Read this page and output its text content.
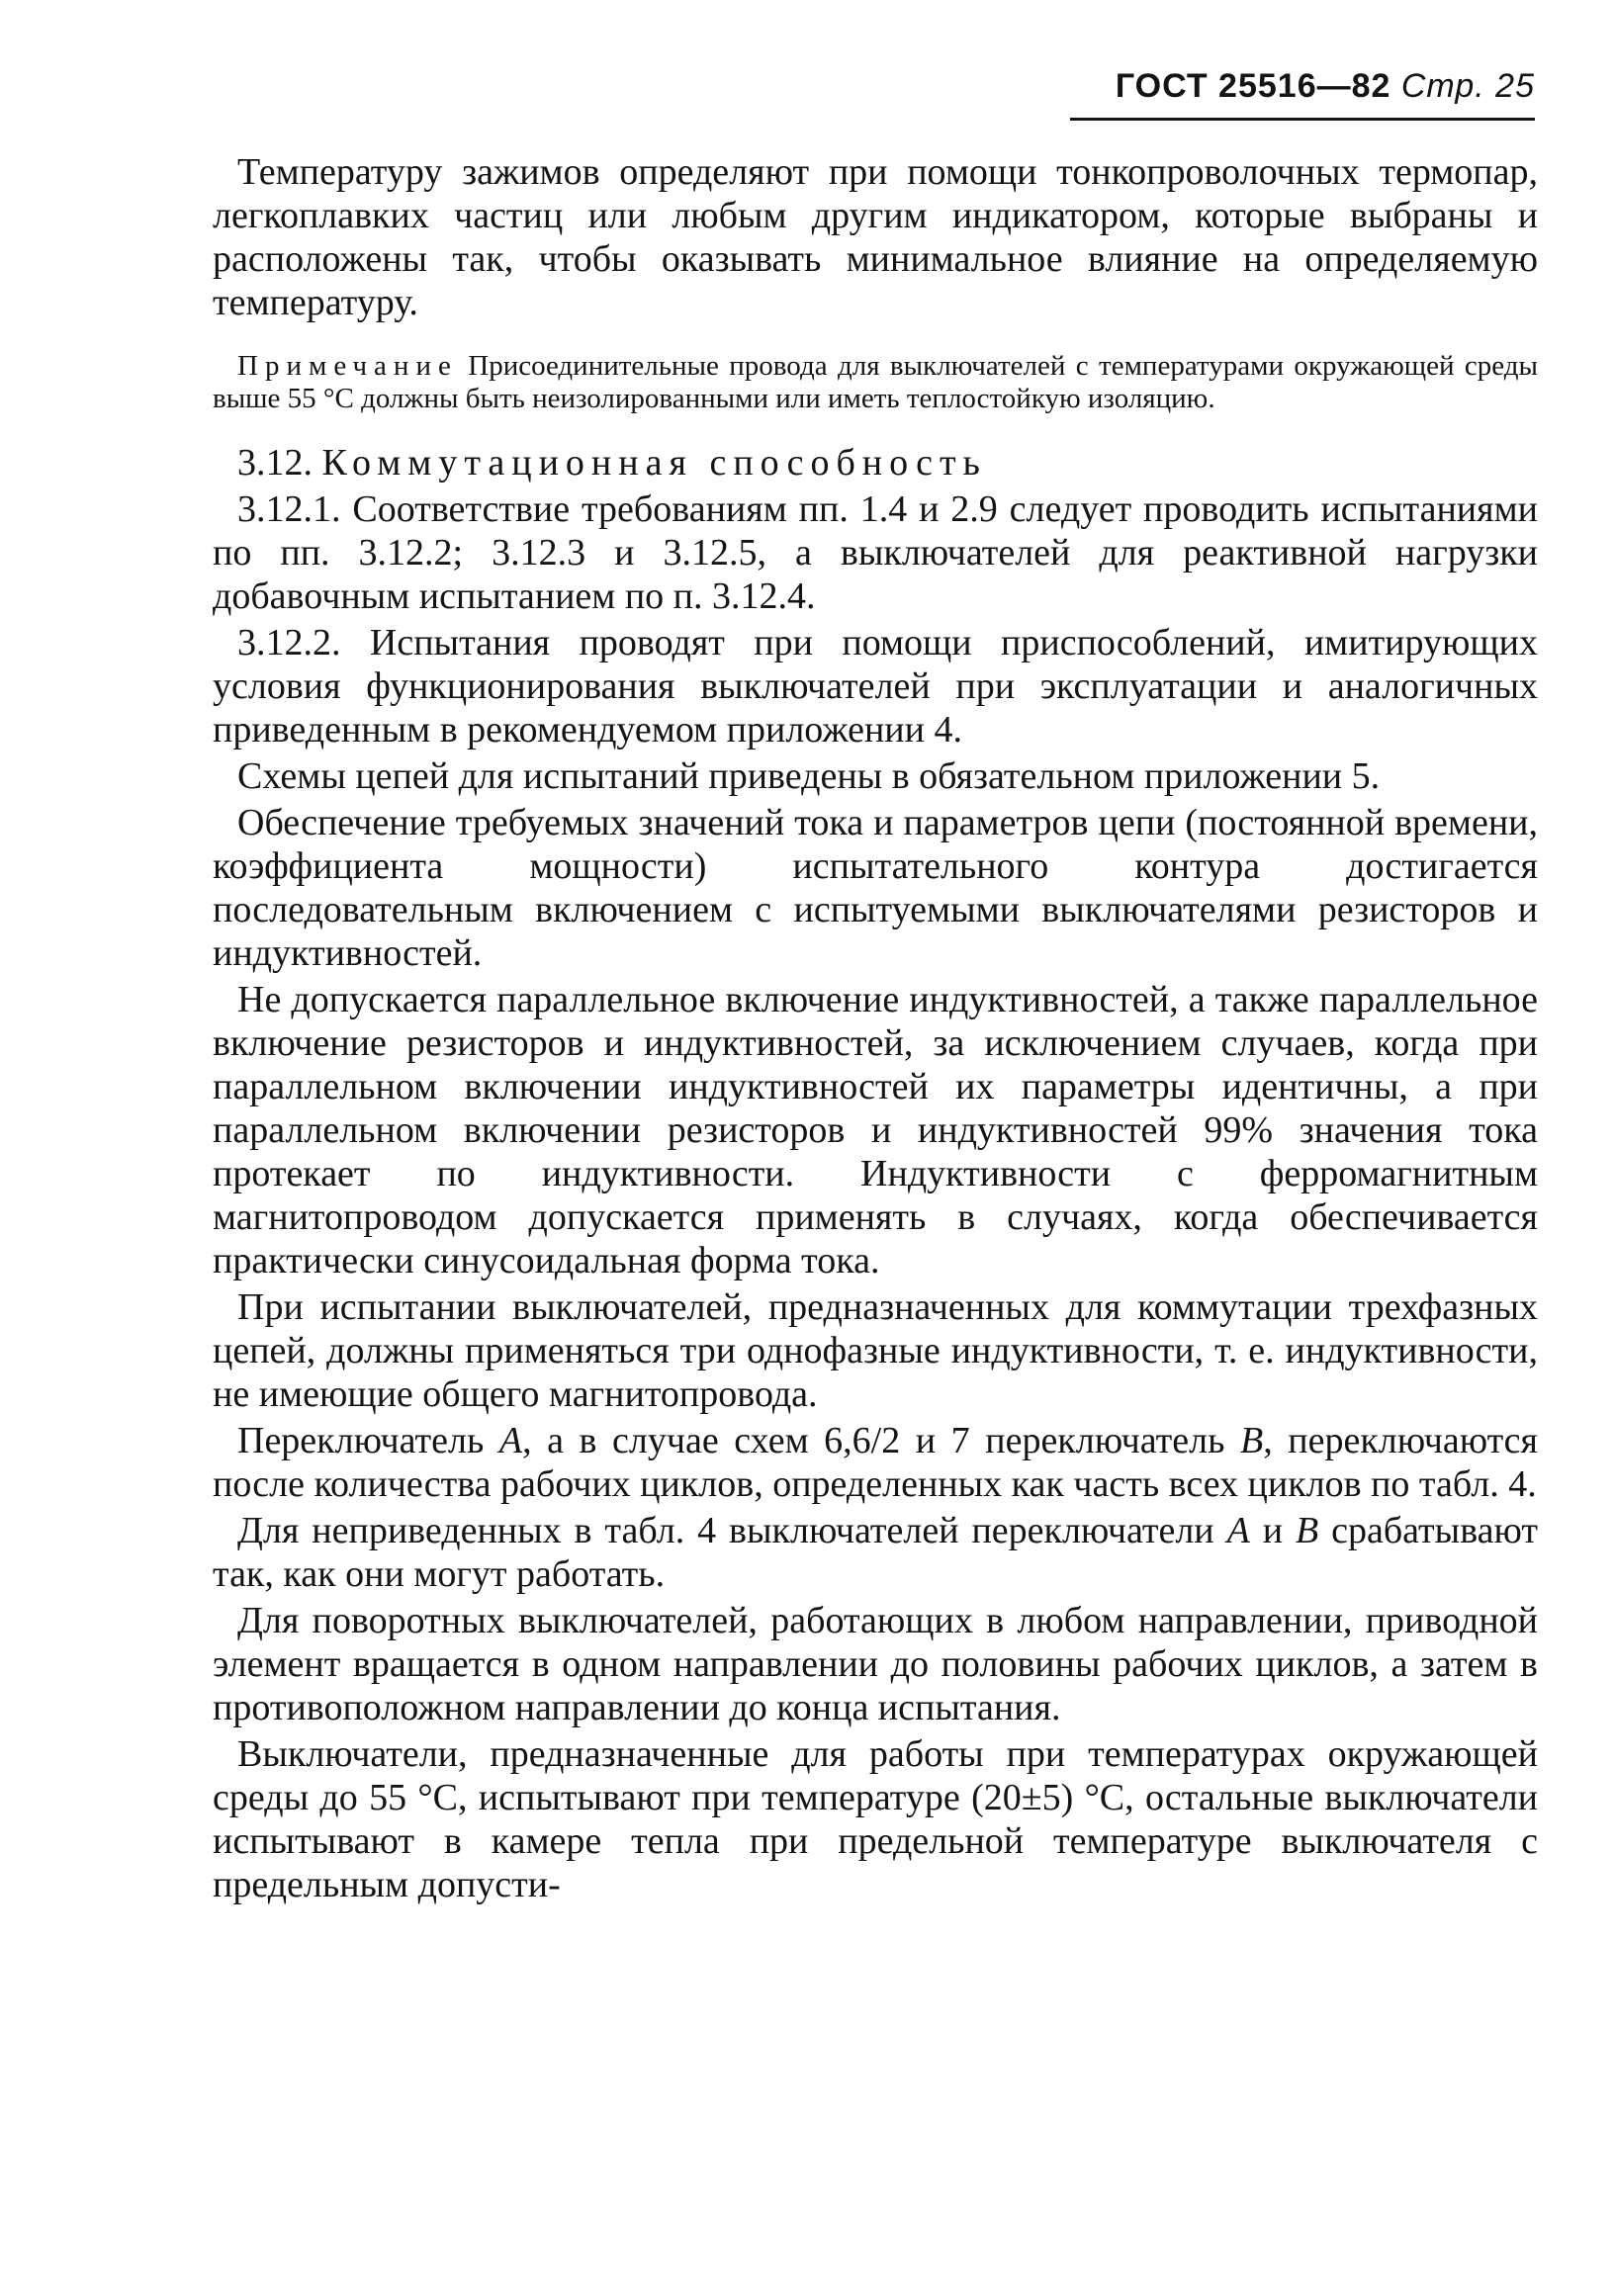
ГОСТ 25516—82 Стр. 25

Температуру зажимов определяют при помощи тонкопроволочных термопар, легкоплавких частиц или любым другим индикатором, которые выбраны и расположены так, чтобы оказывать минимальное влияние на определяемую температуру.

Примечание Присоединительные провода для выключателей с температурами окружающей среды выше 55 °С должны быть неизолированными или иметь теплостойкую изоляцию.

3.12. Коммутационная способность

3.12.1. Соответствие требованиям пп. 1.4 и 2.9 следует проводить испытаниями по пп. 3.12.2; 3.12.3 и 3.12.5, а выключателей для реактивной нагрузки добавочным испытанием по п. 3.12.4.

3.12.2. Испытания проводят при помощи приспособлений, имитирующих условия функционирования выключателей при эксплуатации и аналогичных приведенным в рекомендуемом приложении 4.

Схемы цепей для испытаний приведены в обязательном приложении 5.

Обеспечение требуемых значений тока и параметров цепи (постоянной времени, коэффициента мощности) испытательного контура достигается последовательным включением с испытуемыми выключателями резисторов и индуктивностей.

Не допускается параллельное включение индуктивностей, а также параллельное включение резисторов и индуктивностей, за исключением случаев, когда при параллельном включении индуктивностей их параметры идентичны, а при параллельном включении резисторов и индуктивностей 99% значения тока протекает по индуктивности. Индуктивности с ферромагнитным магнитопроводом допускается применять в случаях, когда обеспечивается практически синусоидальная форма тока.

При испытании выключателей, предназначенных для коммутации трехфазных цепей, должны применяться три однофазные индуктивности, т. е. индуктивности, не имеющие общего магнитопровода.

Переключатель А, а в случае схем 6,6/2 и 7 переключатель В, переключаются после количества рабочих циклов, определенных как часть всех циклов по табл. 4.

Для неприведенных в табл. 4 выключателей переключатели А и В срабатывают так, как они могут работать.

Для поворотных выключателей, работающих в любом направлении, приводной элемент вращается в одном направлении до половины рабочих циклов, а затем в противоположном направлении до конца испытания.

Выключатели, предназначенные для работы при температурах окружающей среды до 55 °С, испытывают при температуре (20±5) °С, остальные выключатели испытывают в камере тепла при предельной температуре выключателя с предельным допусти-
